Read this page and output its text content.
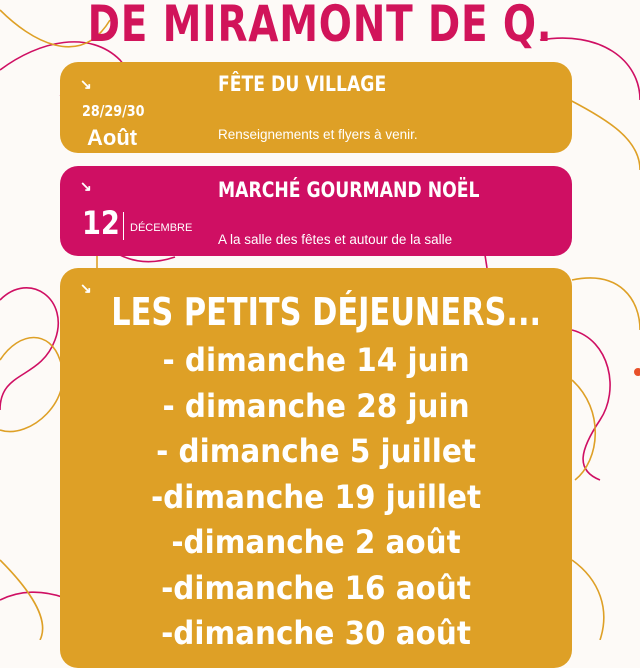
DE MIRAMONT DE Q.
↘
28/29/30
Août
FÊTE DU VILLAGE
Renseignements et flyers à venir.
↘
12 DÉCEMBRE
MARCHÉ GOURMAND NOËL
A la salle des fêtes et autour de la salle
↘
LES PETITS DÉJEUNERS...
- dimanche 14 juin
- dimanche 28 juin
- dimanche 5 juillet
-dimanche 19 juillet
-dimanche 2 août
-dimanche 16 août
-dimanche 30 août
